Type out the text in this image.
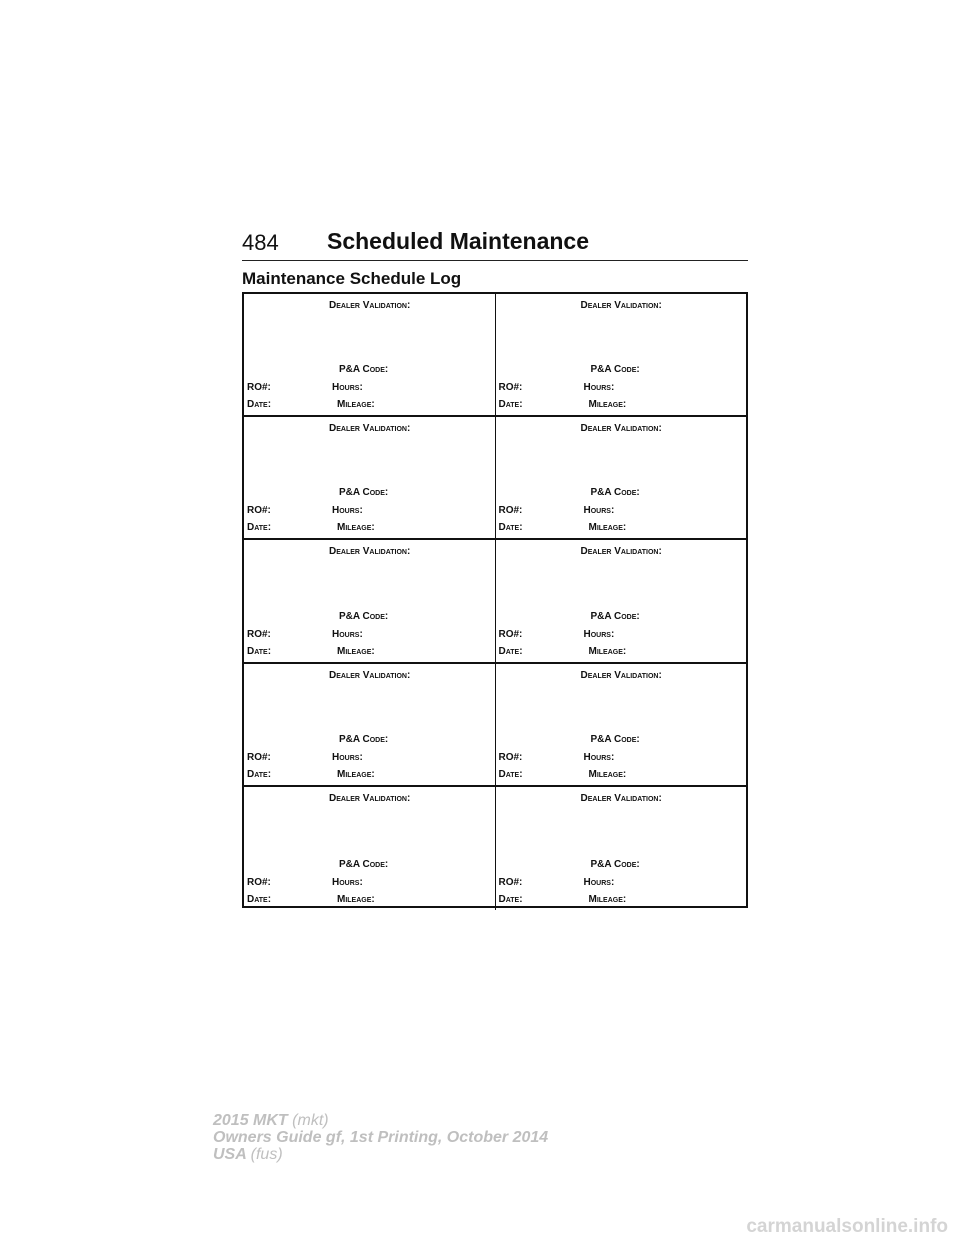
484 Scheduled Maintenance
Maintenance Schedule Log
Dealer Validation:
P&A Code:
RO#:	Hours:
Date:	Mileage:
Dealer Validation:
P&A Code:
RO#:	Hours:
Date:	Mileage:
Dealer Validation:
P&A Code:
RO#:	Hours:
Date:	Mileage:
Dealer Validation:
P&A Code:
RO#:	Hours:
Date:	Mileage:
Dealer Validation:
P&A Code:
RO#:	Hours:
Date:	Mileage:
Dealer Validation:
P&A Code:
RO#:	Hours:
Date:	Mileage:
Dealer Validation:
P&A Code:
RO#:	Hours:
Date:	Mileage:
Dealer Validation:
P&A Code:
RO#:	Hours:
Date:	Mileage:
Dealer Validation:
P&A Code:
RO#:	Hours:
Date:	Mileage:
Dealer Validation:
P&A Code:
RO#:	Hours:
Date:	Mileage:
2015 MKT (mkt)
Owners Guide gf, 1st Printing, October 2014
USA (fus)
carmanualsonline.info
